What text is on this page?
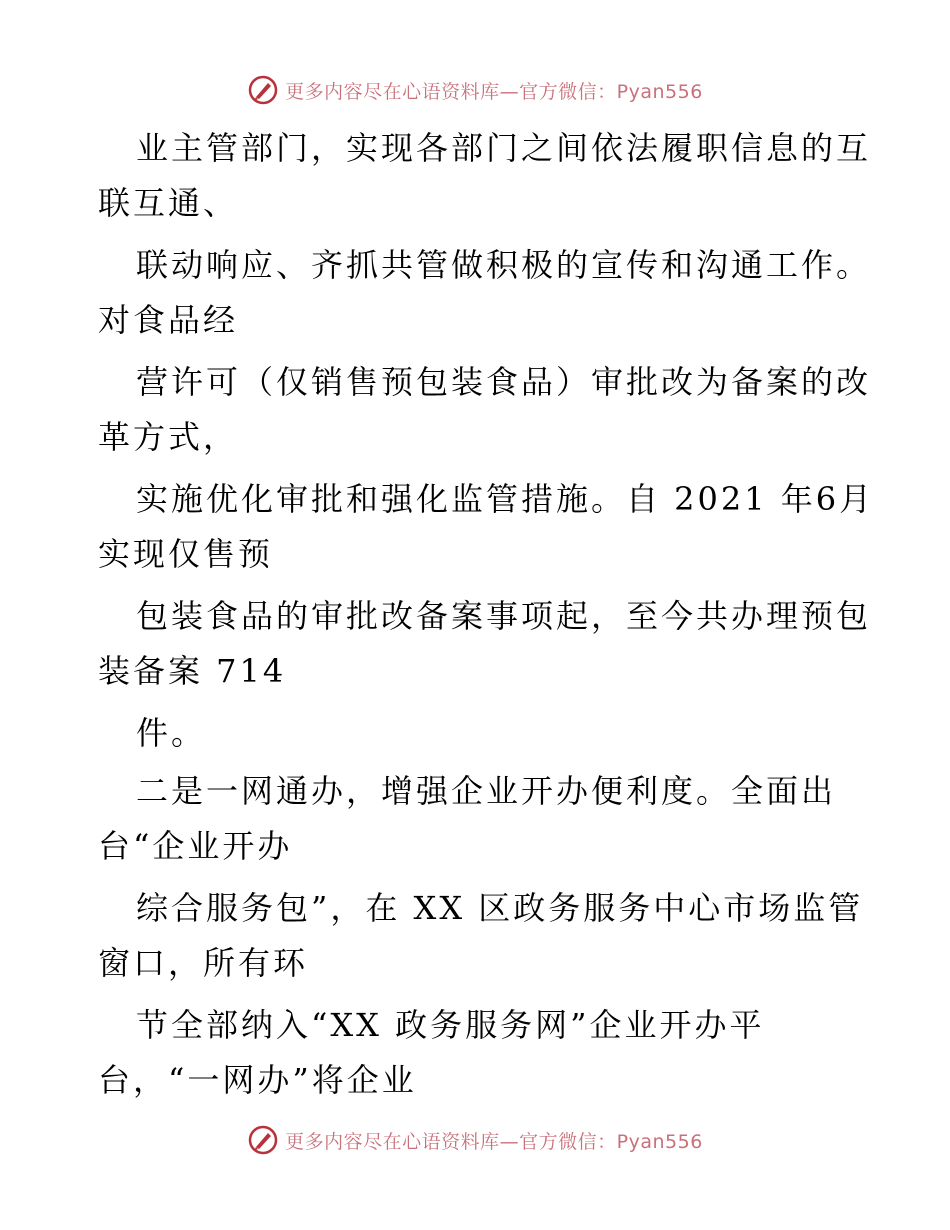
更多内容尽在心语资料库—官方微信：Pyan556
业主管部门，实现各部门之间依法履职信息的互
联互通、
联动响应、齐抓共管做积极的宣传和沟通工作。
对食品经
营许可（仅销售预包装食品）审批改为备案的改
革方式，
实施优化审批和强化监管措施。自 2021 年6月
实现仅售预
包装食品的审批改备案事项起，至今共办理预包
装备案 714
件。
二是一网通办，增强企业开办便利度。全面出
台“企业开办
综合服务包”，在 XX 区政务服务中心市场监管
窗口，所有环
节全部纳入“XX 政务服务网”企业开办平
台，“一网办”将企业
更多内容尽在心语资料库—官方微信：Pyan556
